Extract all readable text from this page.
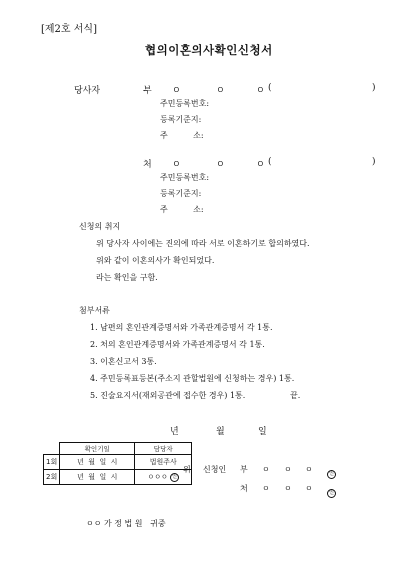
[제2호 서식]
협의이혼의사확인신청서
당사자	부 ㅇ	ㅇ	ㅇ (	)
주민등록번호:
등록기준지:
주          소:
처 ㅇ	ㅇ	ㅇ (	)
주민등록번호:
등록기준지:
주          소:
신청의 취지
위 당사자 사이에는 진의에 따라 서로 이혼하기로 합의하였다.
위와 같이 이혼의사가 확인되었다.
라는 확인을 구함.
첨부서류
1. 남편의 혼인관계증명서와 가족관계증명서 각 1통.
2. 처의 혼인관계증명서와 가족관계증명서 각 1통.
3. 이혼신고서 3통.
4. 주민등록표등본(주소지 관할법원에 신청하는 경우) 1통.
5. 진술요지서(재외공관에 접수한 경우) 1통.	끝.
년	월	일
	확인기일	담당자
1회	년  월  일  시	법원주사
2회	년  월  일  시	ㅇㅇㅇ 인
위 신청인 부 ㅇ ㅇ ㅇ	인
처 ㅇ ㅇ ㅇ	인
ㅇㅇ 가 정 법 원   귀중
